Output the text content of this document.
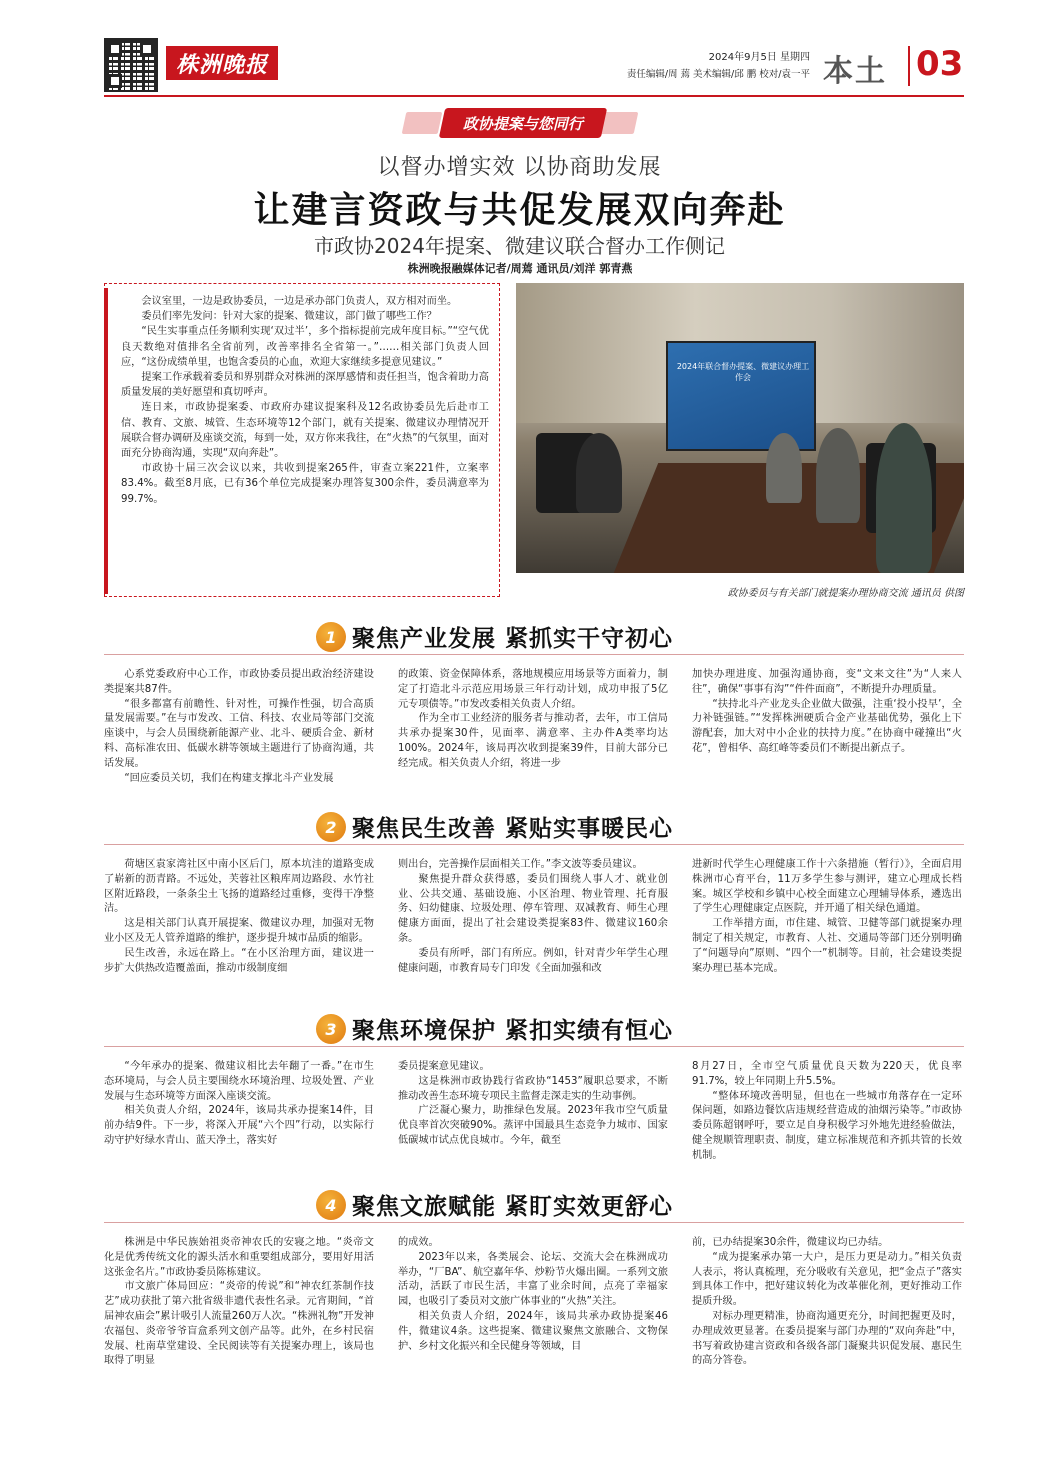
株洲晚报	2024年9月5日 星期四
责任编辑/周 蔫 美术编辑/邱 鹏 校对/袁一平 本土 03
政协提案与您同行
以督办增实效 以协商助发展
让建言资政与共促发展双向奔赴
市政协2024年提案、微建议联合督办工作侧记
株洲晚报融媒体记者/周蔫 通讯员/刘洋 郭青燕

会议室里，一边是政协委员，一边是承办部门负责人，双方相对而坐。

委员们率先发问：针对大家的提案、微建议，部门做了哪些工作？

“民生实事重点任务顺利实现‘双过半’，多个指标提前完成年度目标。”“空气优良天数绝对值排名全省前列，改善率排名全省第一。”……相关部门负责人回应，“这份成绩单里，也饱含委员的心血，欢迎大家继续多提意见建议。”

提案工作承载着委员和界别群众对株洲的深厚感情和责任担当，饱含着助力高质量发展的美好愿望和真切呼声。

连日来，市政协提案委、市政府办建议提案科及12名政协委员先后赴市工信、教育、文旅、城管、生态环境等12个部门，就有关提案、微建议办理情况开展联合督办调研及座谈交流，每到一处，双方你来我往，在“火热”的气氛里，面对面充分协商沟通，实现“双向奔赴”。

市政协十届三次会议以来，共收到提案265件，审查立案221件，立案率83.4%。截至8月底，已有36个单位完成提案办理答复300余件，委员满意率为99.7%。

2024年联合督办提案、微建议办理工作会
政协委员与有关部门就提案办理协商交流 通讯员 供图
1 聚焦产业发展 紧抓实干守初心

心系党委政府中心工作，市政协委员提出政治经济建设类提案共87件。

“很多都富有前瞻性、针对性，可操作性强，切合高质量发展需要。”在与市发改、工信、科技、农业局等部门交流座谈中，与会人员围绕新能源产业、北斗、硬质合金、新材料、高标准农田、低碳水耕等领域主题进行了协商沟通，共话发展。

“回应委员关切，我们在构建支撑北斗产业发展

的政策、资金保障体系，落地规模应用场景等方面着力，制定了打造北斗示范应用场景三年行动计划，成功申报了5亿元专项债等。”市发改委相关负责人介绍。

作为全市工业经济的服务者与推动者，去年，市工信局共承办提案30件，见面率、满意率、主办件A类率均达100%。2024年，该局再次收到提案39件，目前大部分已经完成。相关负责人介绍，将进一步

加快办理进度、加强沟通协商，变“文来文往”为“人来人往”，确保“事事有沟”“件件面商”，不断提升办理质量。

“扶持北斗产业龙头企业做大做强，注重‘投小投早’，全力补链强链。”“发挥株洲硬质合金产业基础优势，强化上下游配套，加大对中小企业的扶持力度。”在协商中碰撞出“火花”，曾相华、高红峰等委员们不断提出新点子。

2 聚焦民生改善 紧贴实事暖民心

荷塘区袁家湾社区中南小区后门，原本坑洼的道路变成了崭新的沥青路。不远处，芙蓉社区粮库周边路段、水竹社区附近路段，一条条尘土飞扬的道路经过重修，变得干净整洁。

这是相关部门认真开展提案、微建议办理，加强对无物业小区及无人管养道路的维护，逐步提升城市品质的缩影。

民生改善，永远在路上。“在小区治理方面，建议进一步扩大供热改造覆盖面，推动市级制度细

则出台，完善操作层面相关工作。”李文波等委员建议。

聚焦提升群众获得感，委员们围绕人事人才、就业创业、公共交通、基础设施、小区治理、物业管理、托育服务、妇幼健康、垃圾处理、停车管理、双减教育、师生心理健康方面面，提出了社会建设类提案83件、微建议160余条。

委员有所呼，部门有所应。例如，针对青少年学生心理健康问题，市教育局专门印发《全面加强和改

进新时代学生心理健康工作十六条措施（暂行）》，全面启用株洲市心育平台，11万多学生参与测评，建立心理成长档案。城区学校和乡镇中心校全面建立心理辅导体系，遴选出了学生心理健康定点医院，并开通了相关绿色通道。

工作举措方面，市住建、城管、卫健等部门就提案办理制定了相关规定，市教育、人社、交通局等部门还分别明确了“问题导向”原则、“四个一”机制等。目前，社会建设类提案办理已基本完成。

3 聚焦环境保护 紧扣实绩有恒心

“今年承办的提案、微建议相比去年翻了一番。”在市生态环境局，与会人员主要围绕水环境治理、垃圾处置、产业发展与生态环境等方面深入座谈交流。

相关负责人介绍，2024年，该局共承办提案14件，目前办结9件。下一步，将深入开展“六个四”行动，以实际行动守护好绿水青山、蓝天净土，落实好

委员提案意见建议。

这是株洲市政协践行省政协“1453”履职总要求，不断推动改善生态环境专项民主监督走深走实的生动事例。

广泛凝心聚力，助推绿色发展。2023年我市空气质量优良率首次突破90%。蒸评中国最具生态竞争力城市、国家低碳城市试点优良城市。今年，截至

8月27日，全市空气质量优良天数为220天，优良率91.7%，较上年同期上升5.5%。

“整体环境改善明显，但也在一些城市角落存在一定环保问题，如路边餐饮店违规经营造成的油烟污染等。”市政协委员陈超钢呼吁，要立足自身积极学习外地先进经验做法，健全规顺管理职责、制度，建立标准规范和齐抓共管的长效机制。

4 聚焦文旅赋能 紧盯实效更舒心

株洲是中华民族始祖炎帝神农氏的安寝之地。“炎帝文化是优秀传统文化的源头活水和重要组成部分，要用好用活这张金名片。”市政协委员陈栋建议。

市文旅广体局回应：“炎帝的传说”和“神农红茶制作技艺”成功获批了第六批省级非遗代表性名录。元宵期间，“首届神农庙会”累计吸引人流量260万人次。“株洲礼物”开发神农福包、炎帝爷爷盲盒系列文创产品等。此外，在乡村民宿发展、杜南草堂建设、全民阅读等有关提案办理上，该局也取得了明显

的成效。

2023年以来，各类展会、论坛、交流大会在株洲成功举办，“厂BA”、航空嘉年华、炒粉节火爆出圈。一系列文旅活动，活跃了市民生活，丰富了业余时间，点亮了幸福家园，也吸引了委员对文旅广体事业的“火热”关注。

相关负责人介绍，2024年，该局共承办政协提案46件，微建议4条。这些提案、微建议聚焦文旅融合、文物保护、乡村文化振兴和全民健身等领域，目

前，已办结提案30余件，微建议均已办结。

“成为提案承办第一大户，是压力更是动力。”相关负责人表示，将认真梳理，充分吸收有关意见，把“金点子”落实到具体工作中，把好建议转化为改革催化剂，更好推动工作提质升级。

对标办理更精准，协商沟通更充分，时间把握更及时，办理成效更显著。在委员提案与部门办理的“双向奔赴”中，书写着政协建言资政和各级各部门凝聚共识促发展、惠民生的高分答卷。
